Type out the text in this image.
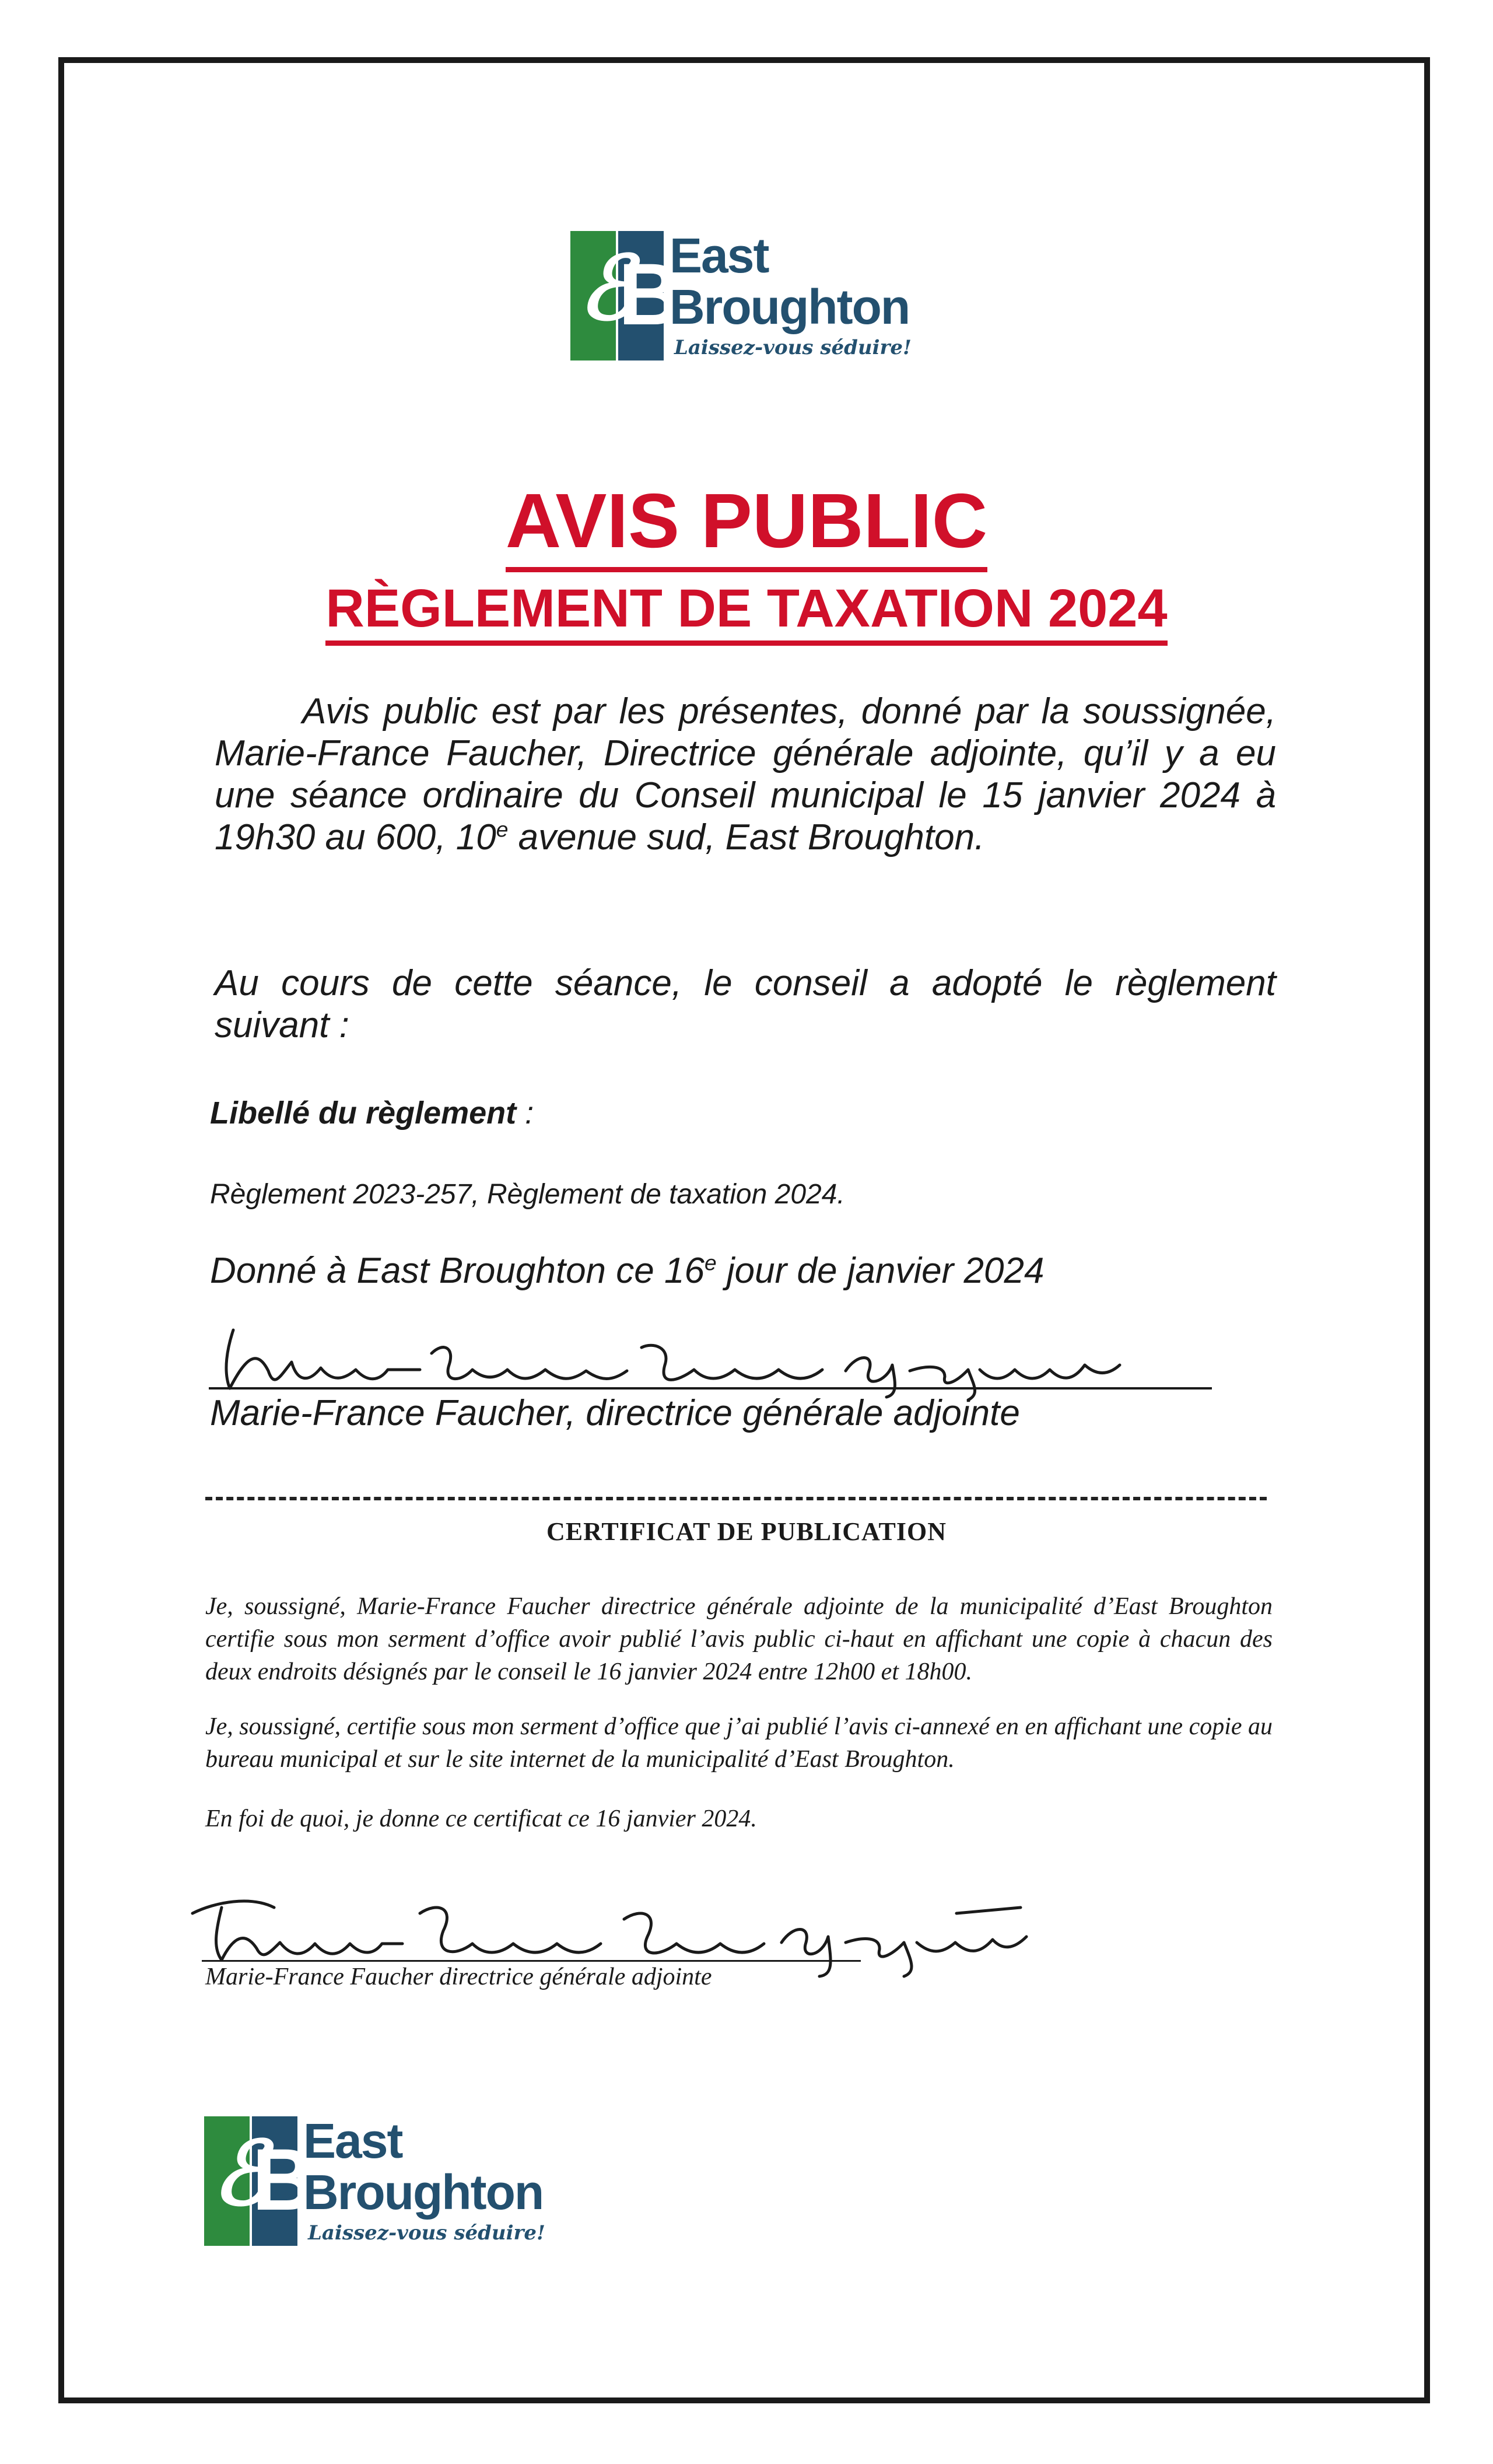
ℰ
B
East
Broughton
Laissez-vous séduire!
AVIS PUBLIC
RÈGLEMENT DE TAXATION 2024
Avis public est par les présentes, donné par la soussignée, Marie-France Faucher, Directrice générale adjointe, qu’il y a eu une séance ordinaire du Conseil municipal le 15 janvier 2024 à 19h30 au 600, 10e avenue sud, East Broughton.
Au cours de cette séance, le conseil a adopté le règlement suivant :
Libellé du règlement :
Règlement 2023-257, Règlement de taxation 2024.
Donné à East Broughton ce 16e jour de janvier 2024
Marie-France Faucher, directrice générale adjointe
CERTIFICAT DE PUBLICATION
Je, soussigné, Marie-France Faucher directrice générale adjointe de la municipalité d’East Broughton certifie sous mon serment d’office avoir publié l’avis public ci-haut en affichant une copie à chacun des deux endroits désignés par le conseil le 16 janvier 2024 entre 12h00 et 18h00.
Je, soussigné, certifie sous mon serment d’office que j’ai publié l’avis ci-annexé en en affichant une copie au bureau municipal et sur le site internet de la municipalité d’East Broughton.
En foi de quoi, je donne ce certificat ce 16 janvier 2024.
Marie-France Faucher directrice générale adjointe
ℰ
B
East
Broughton
Laissez-vous séduire!
